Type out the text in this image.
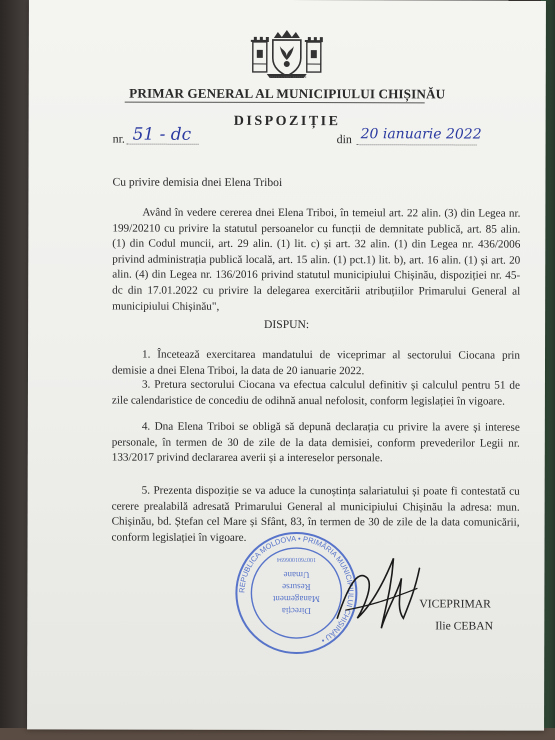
PATER URBIS PATRIAE
PRIMAR GENERAL AL MUNICIPIULUI CHIȘINĂU
DISPOZIȚIE
nr. 51 - dc	din 20 ianuarie 2022
Cu privire demisia dnei Elena Triboi
Având în vedere cererea dnei Elena Triboi, în temeiul art. 22 alin. (3) din Legea nr. 199/20210 cu privire la statutul persoanelor cu funcții de demnitate publică, art. 85 alin. (1) din Codul muncii, art. 29 alin. (1) lit. c) și art. 32 alin. (1) din Legea nr. 436/2006 privind administrația publică locală, art. 15 alin. (1) pct.1) lit. b), art. 16 alin. (1) și art. 20 alin. (4) din Legea nr. 136/2016 privind statutul municipiului Chișinău, dispoziției nr. 45-dc din 17.01.2022 cu privire la delegarea exercitării atribuțiilor Primarului General al municipiului Chișinău",
DISPUN:
1. Încetează exercitarea mandatului de viceprimar al sectorului Ciocana prin demisie a dnei Elena Triboi, la data de 20 ianuarie 2022.
3. Pretura sectorului Ciocana va efectua calculul definitiv și calculul pentru 51 de zile calendaristice de concediu de odihnă anual nefolosit, conform legislației în vigoare.
4. Dna Elena Triboi se obligă să depună declarația cu privire la avere și interese personale, în termen de 30 de zile de la data demisiei, conform prevederilor Legii nr. 133/2017 privind declararea averii și a intereselor personale.
5. Prezenta dispoziție se va aduce la cunoștința salariatului și poate fi contestată cu cerere prealabilă adresată Primarului General al municipiului Chișinău la adresa: mun. Chișinău, bd. Ștefan cel Mare și Sfânt, 83, în termen de 30 de zile de la data comunicării, conform legislației în vigoare.
REPUBLICA MOLDOVA • PRIMĂRIA MUNICIPIULUI CHIȘINĂU •
Direcția
Management
Resurse
Umane
1007601006694
VICEPRIMAR
Ilie CEBAN
